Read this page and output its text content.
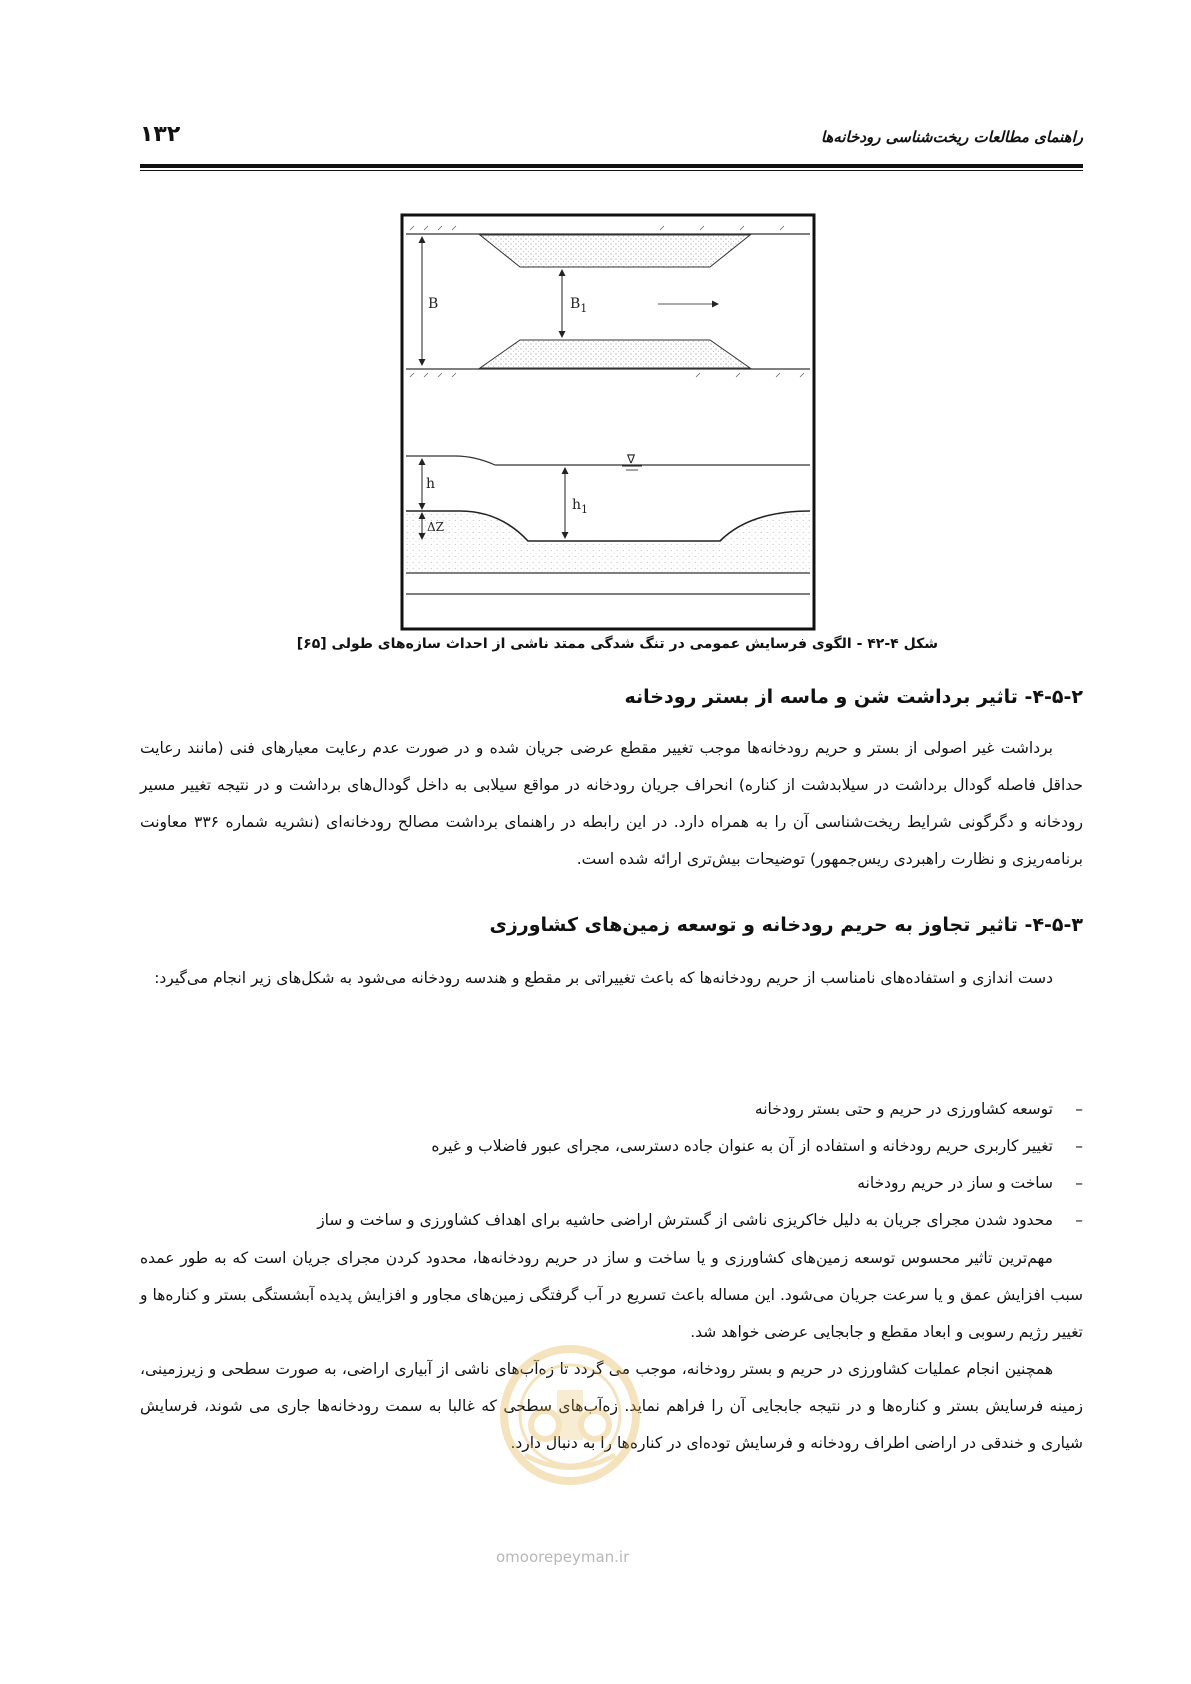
راهنمای مطالعات ریخت‌شناسی رودخانه‌ها
۱۳۲
B	$B_1$
∇
h
$h_1$
ΔZ
شکل ۴-۴۲ - الگوی فرسایش عمومی در تنگ شدگی ممتد ناشی از احداث سازه‌های طولی [۶۵]
۴-۵-۲- تاثیر برداشت شن و ماسه از بستر رودخانه
برداشت غیر اصولی از بستر و حریم رودخانه‌ها موجب تغییر مقطع عرضی جریان شده و در صورت عدم رعایت معیارهای فنی (مانند رعایت حداقل فاصله گودال برداشت در سیلابدشت از کناره) انحراف جریان رودخانه در مواقع سیلابی به داخل گودال‌های برداشت و در نتیجه تغییر مسیر رودخانه و دگرگونی شرایط ریخت‌شناسی آن را به همراه دارد. در این رابطه در راهنمای برداشت مصالح رودخانه‌ای (نشریه شماره ۳۳۶ معاونت برنامه‌ریزی و نظارت راهبردی ریس‌جمهور) توضیحات بیش‌تری ارائه شده است.
۴-۵-۳- تاثیر تجاوز به حریم رودخانه و توسعه زمین‌های کشاورزی
دست اندازی و استفاده‌های نامناسب از حریم رودخانه‌ها که باعث تغییراتی بر مقطع و هندسه رودخانه می‌شود به شکل‌های زیر انجام می‌گیرد:
–توسعه کشاورزی در حریم و حتی بستر رودخانه
–تغییر کاربری حریم رودخانه و استفاده از آن به عنوان جاده دسترسی، مجرای عبور فاضلاب و غیره
–ساخت و ساز در حریم رودخانه
–محدود شدن مجرای جریان به دلیل خاکریزی ناشی از گسترش اراضی حاشیه برای اهداف کشاورزی و ساخت و ساز
مهم‌ترین تاثیر محسوس توسعه زمین‌های کشاورزی و یا ساخت و ساز در حریم رودخانه‌ها، محدود کردن مجرای جریان است که به طور عمده سبب افزایش عمق و یا سرعت جریان می‌شود. این مساله باعث تسریع در آب گرفتگی زمین‌های مجاور و افزایش پدیده آبشستگی بستر و کناره‌ها و تغییر رژیم رسوبی و ابعاد مقطع و جابجایی عرضی خواهد شد.
همچنین انجام عملیات کشاورزی در حریم و بستر رودخانه، موجب می گردد تا زه‌آب‌های ناشی از آبیاری اراضی، به صورت سطحی و زیرزمینی، زمینه فرسایش بستر و کناره‌ها و در نتیجه جابجایی آن را فراهم نماید. زه‌آب‌های سطحی که غالبا به سمت رودخانه‌ها جاری می شوند، فرسایش شیاری و خندقی در اراضی اطراف رودخانه و فرسایش توده‌ای در کناره‌ها را به دنبال دارد.
omoorepeyman.ir
